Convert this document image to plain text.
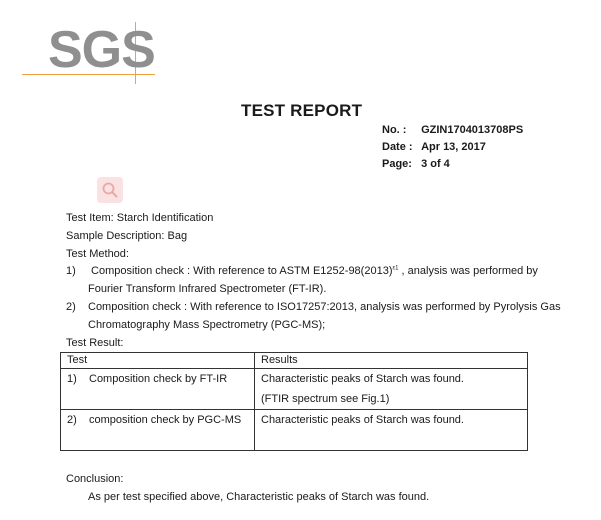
SGS
TEST REPORT
No. : GZIN1704013708PS
Date : Apr 13, 2017
Page: 3 of 4
Test Item: Starch Identification
Sample Description: Bag
Test Method:
1) Composition check : With reference to ASTM $E1252-98(2013)^{\varepsilon 1}$ , analysis was performed by
Fourier Transform Infrared Spectrometer (FT-IR).
2) Composition check : With reference to ISO17257:2013, analysis was performed by Pyrolysis Gas
Chromatography Mass Spectrometry (PGC-MS);
Test Result:
Test	Results

1) Composition check by FT-IR	Characteristic peaks of Starch was found.
(FTIR spectrum see Fig.1)

2) composition check by PGC-MS	Characteristic peaks of Starch was found.
Conclusion:
As per test specified above, Characteristic peaks of Starch was found.
